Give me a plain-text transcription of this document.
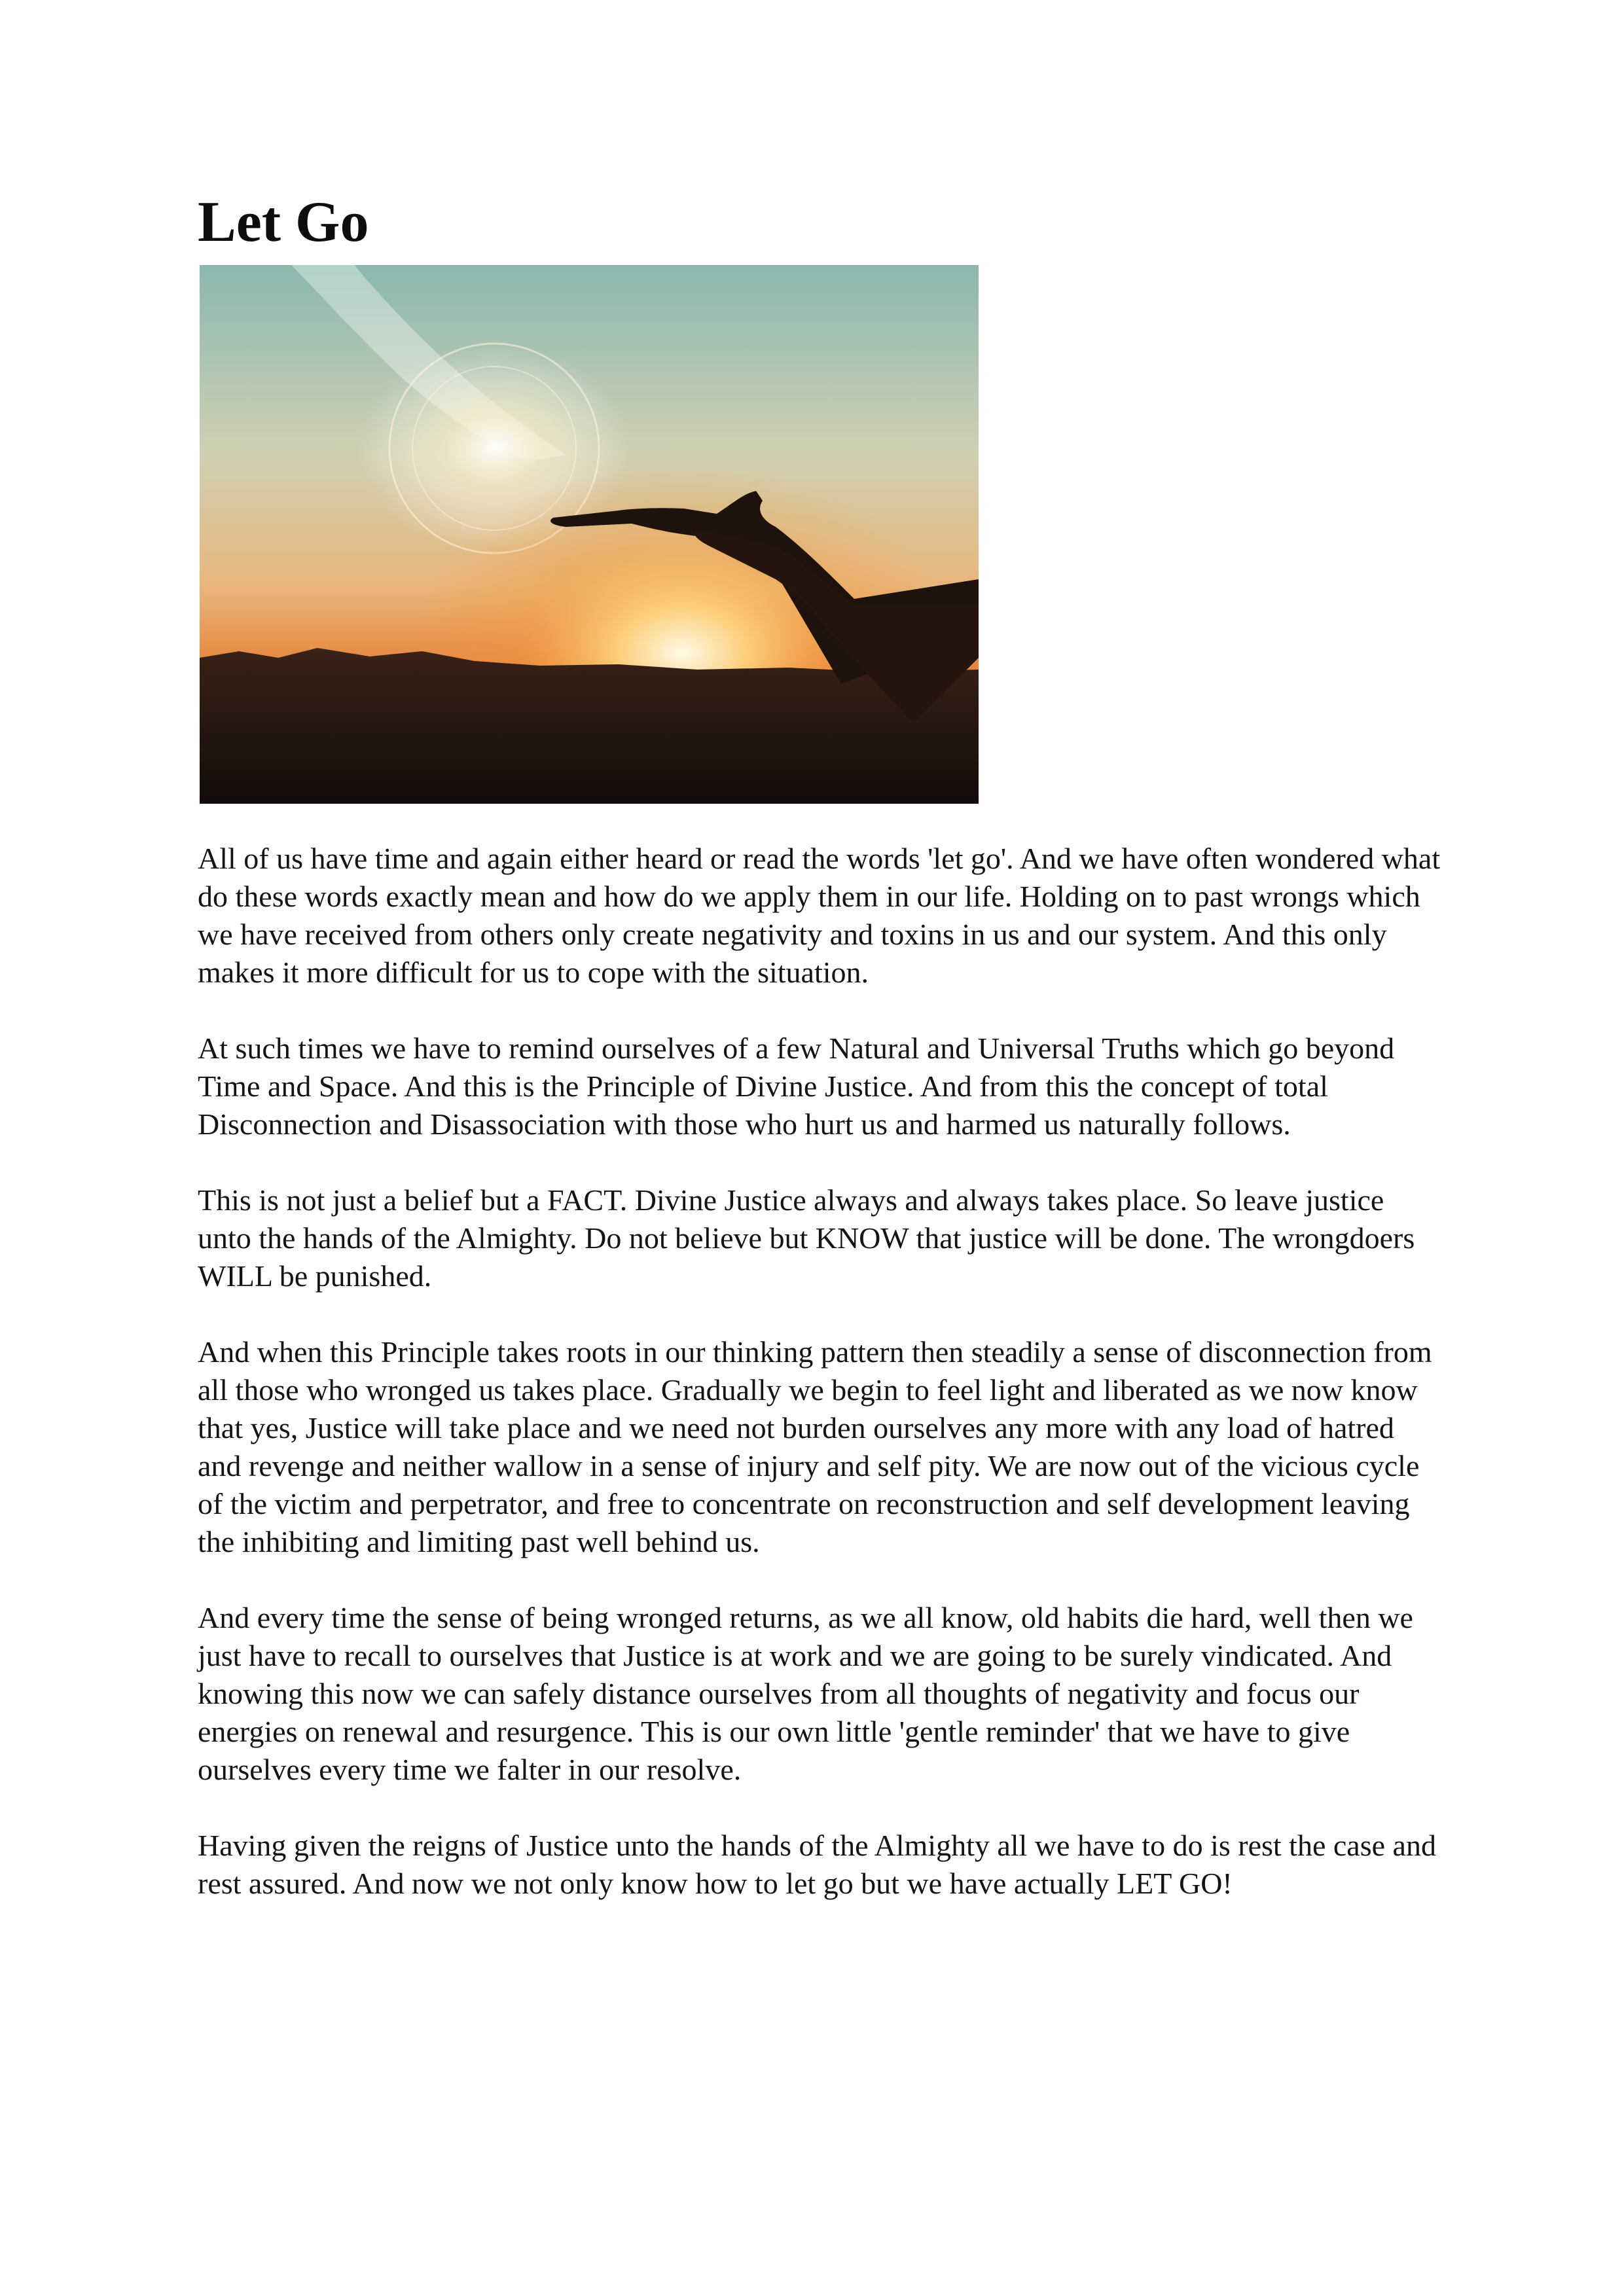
Let Go

All of us have time and again either heard or read the words 'let go'. And we have often wondered what do these words exactly mean and how do we apply them in our life. Holding on to past wrongs which we have received from others only create negativity and toxins in us and our system. And this only makes it more difficult for us to cope with the situation.

At such times we have to remind ourselves of a few Natural and Universal Truths which go beyond Time and Space. And this is the Principle of Divine Justice. And from this the concept of total Disconnection and Disassociation with those who hurt us and harmed us naturally follows.

This is not just a belief but a FACT. Divine Justice always and always takes place. So leave justice unto the hands of the Almighty. Do not believe but KNOW that justice will be done. The wrongdoers WILL be punished.

And when this Principle takes roots in our thinking pattern then steadily a sense of disconnection from all those who wronged us takes place. Gradually we begin to feel light and liberated as we now know that yes, Justice will take place and we need not burden ourselves any more with any load of hatred and revenge and neither wallow in a sense of injury and self pity. We are now out of the vicious cycle of the victim and perpetrator, and free to concentrate on reconstruction and self development leaving the inhibiting and limiting past well behind us.

And every time the sense of being wronged returns, as we all know, old habits die hard, well then we just have to recall to ourselves that Justice is at work and we are going to be surely vindicated. And knowing this now we can safely distance ourselves from all thoughts of negativity and focus our energies on renewal and resurgence. This is our own little 'gentle reminder' that we have to give ourselves every time we falter in our resolve.

Having given the reigns of Justice unto the hands of the Almighty all we have to do is rest the case and rest assured. And now we not only know how to let go but we have actually LET GO!
